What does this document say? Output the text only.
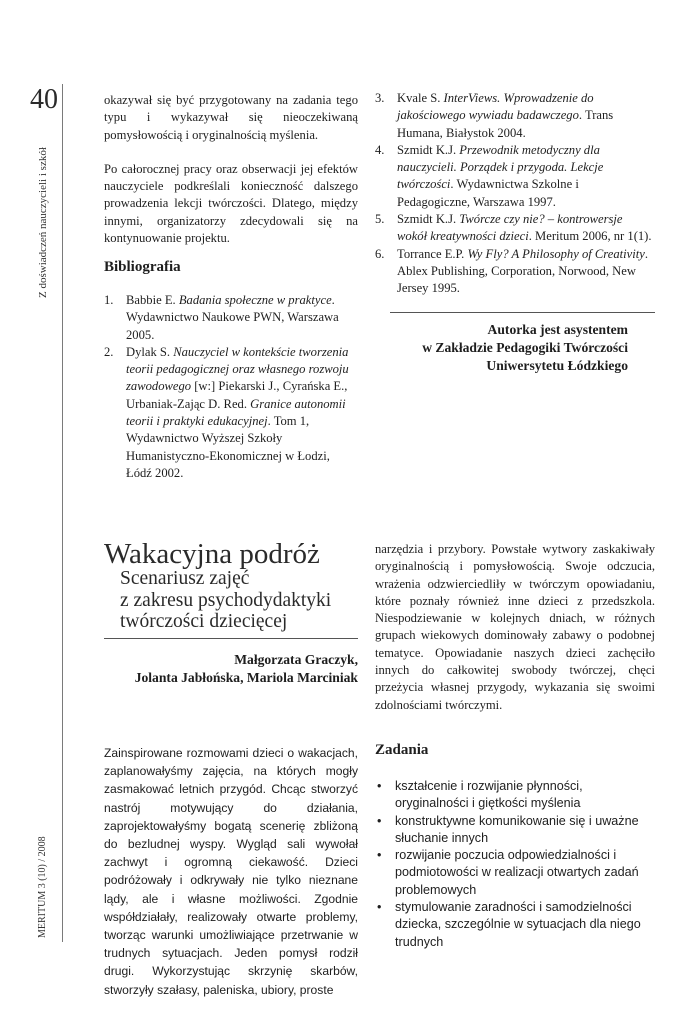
40
Z doświadczeń nauczycieli i szkół
MERITUM 3 (10) / 2008

okazywał się być przygotowany na zadania tego typu i wykazywał się nieoczekiwaną pomysłowością i oryginalnością myślenia.

Po całorocznej pracy oraz obserwacji jej efektów nauczyciele podkreślali konieczność dalszego prowadzenia lekcji twórczości. Dlatego, między innymi, organizatorzy zdecydowali się na kontynuowanie projektu.

Bibliografia
1. Babbie E. Badania społeczne w praktyce. Wydawnictwo Naukowe PWN, Warszawa 2005.
2. Dylak S. Nauczyciel w kontekście tworzenia teorii pedagogicznej oraz własnego rozwoju zawodowego [w:] Piekarski J., Cyrańska E., Urbaniak-Zając D. Red. Granice autonomii teorii i praktyki edukacyjnej. Tom 1, Wydawnictwo Wyższej Szkoły Humanistyczno-Ekonomicznej w Łodzi, Łódź 2002.
3. Kvale S. InterViews. Wprowadzenie do jakościowego wywiadu badawczego. Trans Humana, Białystok 2004.
4. Szmidt K.J. Przewodnik metodyczny dla nauczycieli. Porządek i przygoda. Lekcje twórczości. Wydawnictwa Szkolne i Pedagogiczne, Warszawa 1997.
5. Szmidt K.J. Twórcze czy nie? – kontrowersje wokół kreatywności dzieci. Meritum 2006, nr 1(1).
6. Torrance E.P. Wy Fly? A Philosophy of Creativity. Ablex Publishing, Corporation, Norwood, New Jersey 1995.
Autorka jest asystentem
w Zakładzie Pedagogiki Twórczości
Uniwersytetu Łódzkiego
Wakacyjna podróż
Scenariusz zajęć
z zakresu psychodydaktyki
twórczości dziecięcej
Małgorzata Graczyk,
Jolanta Jabłońska, Mariola Marciniak

narzędzia i przybory. Powstałe wytwory zaskakiwały oryginalnością i pomysłowością. Swoje odczucia, wrażenia odzwierciedliły w twórczym opowiadaniu, które poznały również inne dzieci z przedszkola. Niespodziewanie w kolejnych dniach, w różnych grupach wiekowych dominowały zabawy o podobnej tematyce. Opowiadanie naszych dzieci zachęciło innych do całkowitej swobody twórczej, chęci przeżycia własnej przygody, wykazania się swoimi zdolnościami twórczymi.

Zainspirowane rozmowami dzieci o wakacjach, zaplanowałyśmy zajęcia, na których mogły zasmakować letnich przygód. Chcąc stworzyć nastrój motywujący do działania, zaprojektowałyśmy bogatą scenerię zbliżoną do bezludnej wyspy. Wygląd sali wywołał zachwyt i ogromną ciekawość. Dzieci podróżowały i odkrywały nie tylko nieznane lądy, ale i własne możliwości. Zgodnie współdziałały, realizowały otwarte problemy, tworząc warunki umożliwiające przetrwanie w trudnych sytuacjach. Jeden pomysł rodził drugi. Wykorzystując skrzynię skarbów, stworzyły szałasy, paleniska, ubiory, proste

Zadania
• kształcenie i rozwijanie płynności, oryginalności i giętkości myślenia
• konstruktywne komunikowanie się i uważne słuchanie innych
• rozwijanie poczucia odpowiedzialności i podmiotowości w realizacji otwartych zadań problemowych
• stymulowanie zaradności i samodzielności dziecka, szczególnie w sytuacjach dla niego trudnych
